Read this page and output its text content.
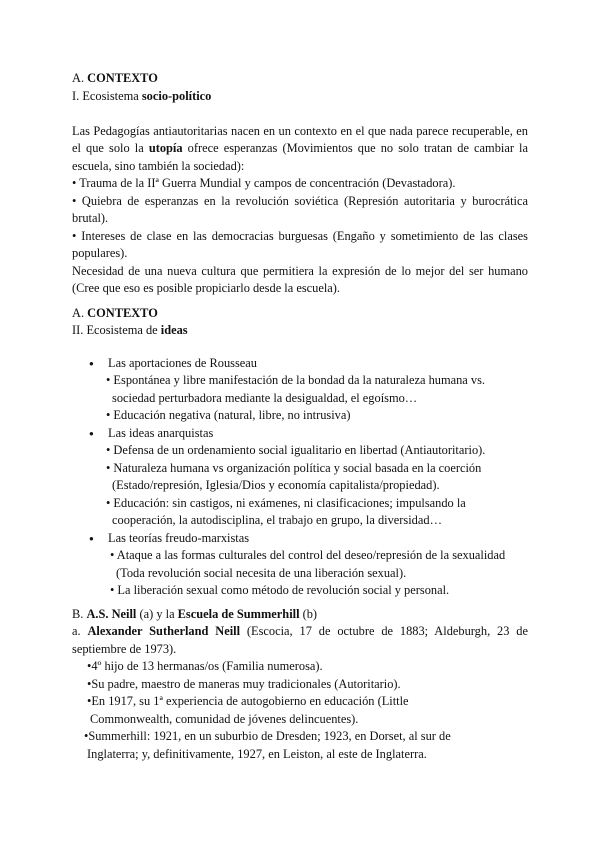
A. CONTEXTO
I. Ecosistema socio-político

Las Pedagogías antiautoritarias nacen en un contexto en el que nada parece recuperable, en el que solo la utopía ofrece esperanzas (Movimientos que no solo tratan de cambiar la escuela, sino también la sociedad):

• Trauma de la IIª Guerra Mundial y campos de concentración (Devastadora).

• Quiebra de esperanzas en la revolución soviética (Represión autoritaria y burocrática brutal).

• Intereses de clase en las democracias burguesas (Engaño y sometimiento de las clases populares).

Necesidad de una nueva cultura que permitiera la expresión de lo mejor del ser humano (Cree que eso es posible propiciarlo desde la escuela).

A. CONTEXTO
II. Ecosistema de ideas
● Las aportaciones de Rousseau
• Espontánea y libre manifestación de la bondad da la naturaleza humana vs. sociedad perturbadora mediante la desigualdad, el egoísmo…
• Educación negativa (natural, libre, no intrusiva)
● Las ideas anarquistas
• Defensa de un ordenamiento social igualitario en libertad (Antiautoritario).
• Naturaleza humana vs organización política y social basada en la coerción (Estado/represión, Iglesia/Dios y economía capitalista/propiedad).
• Educación: sin castigos, ni exámenes, ni clasificaciones; impulsando la cooperación, la autodisciplina, el trabajo en grupo, la diversidad…
● Las teorías freudo-marxistas
• Ataque a las formas culturales del control del deseo/represión de la sexualidad (Toda revolución social necesita de una liberación sexual).
• La liberación sexual como método de revolución social y personal.
B. A.S. Neill (a) y la Escuela de Summerhill (b)

a. Alexander Sutherland Neill (Escocia, 17 de octubre de 1883; Aldeburgh, 23 de septiembre de 1973).

•4º hijo de 13 hermanas/os (Familia numerosa).
•Su padre, maestro de maneras muy tradicionales (Autoritario).
•En 1917, su 1ª experiencia de autogobierno en educación (Little Commonwealth, comunidad de jóvenes delincuentes).
•Summerhill: 1921, en un suburbio de Dresden; 1923, en Dorset, al sur de Inglaterra; y, definitivamente, 1927, en Leiston, al este de Inglaterra.
